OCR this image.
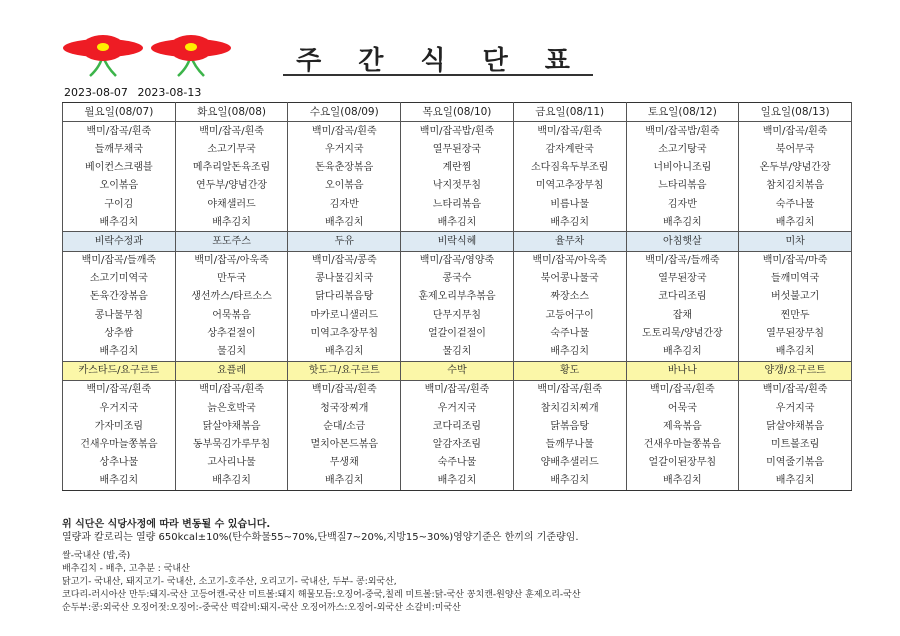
주 간 식 단 표
2023-08-07 2023-08-13
월요일(08/07)	화요일(08/08)	수요일(08/09)	목요일(08/10)	금요일(08/11)	토요일(08/12)	일요일(08/13)
백미/잡곡/흰죽	백미/잡곡/흰죽	백미/잡곡/흰죽	백미/잡곡밥/흰죽	백미/잡곡/흰죽	백미/잡곡밥/흰죽	백미/잡곡/흰죽
들깨무채국	소고기무국	우거지국	열무된장국	감자계란국	소고기탕국	북어무국
베이컨스크램블	메추리알돈육조림	돈육춘장볶음	계란찜	소다짐육두부조림	너비아니조림	온두부/양념간장
오이볶음	연두부/양념간장	오이볶음	낙지젓무침	미역고추장무침	느타리볶음	참치김치볶음
구이김	야채샐러드	김자반	느타리볶음	비름나물	김자반	숙주나물
배추김치	배추김치	배추김치	배추김치	배추김치	배추김치	배추김치
비락수정과	포도주스	두유	비락식혜	율무차	아침햇살	미차
백미/잡곡/들깨죽	백미/잡곡/아욱죽	백미/잡곡/콩죽	백미/잡곡/영양죽	백미/잡곡/아욱죽	백미/잡곡/들깨죽	백미/잡곡/마죽
소고기미역국	만두국	콩나물김치국	콩국수	북어콩나물국	열무된장국	들깨미역국
돈육간장볶음	생선까스/타르소스	닭다리볶음탕	훈제오리부추볶음	짜장소스	코다리조림	버섯불고기
콩나물무침	어묵볶음	마카로니샐러드	단무지무침	고등어구이	잡채	찐만두
상추쌈	상추겉절이	미역고추장무침	얼갈이겉절이	숙주나물	도토리묵/양념간장	열무된장무침
배추김치	물김치	배추김치	물김치	배추김치	배추김치	배추김치
카스타드/요구르트	요플레	핫도그/요구르트	수박	황도	바나나	양갱/요구르트
백미/잡곡/흰죽	백미/잡곡/흰죽	백미/잡곡/흰죽	백미/잡곡/흰죽	백미/잡곡/흰죽	백미/잡곡/흰죽	백미/잡곡/흰죽
우거지국	늙은호박국	청국장찌개	우거지국	참치김치찌개	어묵국	우거지국
가자미조림	닭살야채볶음	순대/소금	코다리조림	닭볶음탕	제육볶음	닭살야채볶음
건새우마늘쫑볶음	동부묵김가루무침	멸치아몬드볶음	알감자조림	들깨무나물	건새우마늘쫑볶음	미트볼조림
상추나물	고사리나물	무생채	숙주나물	양배추샐러드	얼갈이된장무침	미역줄기볶음
배추김치	배추김치	배추김치	배추김치	배추김치	배추김치	배추김치
위 식단은 식당사정에 따라 변동될 수 있습니다.
열량과 칼로리는 열량 650kcal±10%(탄수화물55~70%,단백질7~20%,지방15~30%)영양기준은 한끼의 기준량임.
쌀-국내산 (밥,죽)
배추김치 - 배추, 고추분 : 국내산
닭고기- 국내산, 돼지고기- 국내산, 소고기-호주산, 오리고기- 국내산, 두부- 콩:외국산,
코다리-러시아산 만두:돼지-국산 고등어캔-국산 미트볼:돼지 해물모듬:오징어-중국,칠레 미트볼:닭-국산 꽁치캔-원양산 훈제오리-국산
순두부:콩:외국산 오징어젓:오징어:-중국산 떡갈비:돼지-국산 오징어까스:오징어-외국산 소갈비:미국산
